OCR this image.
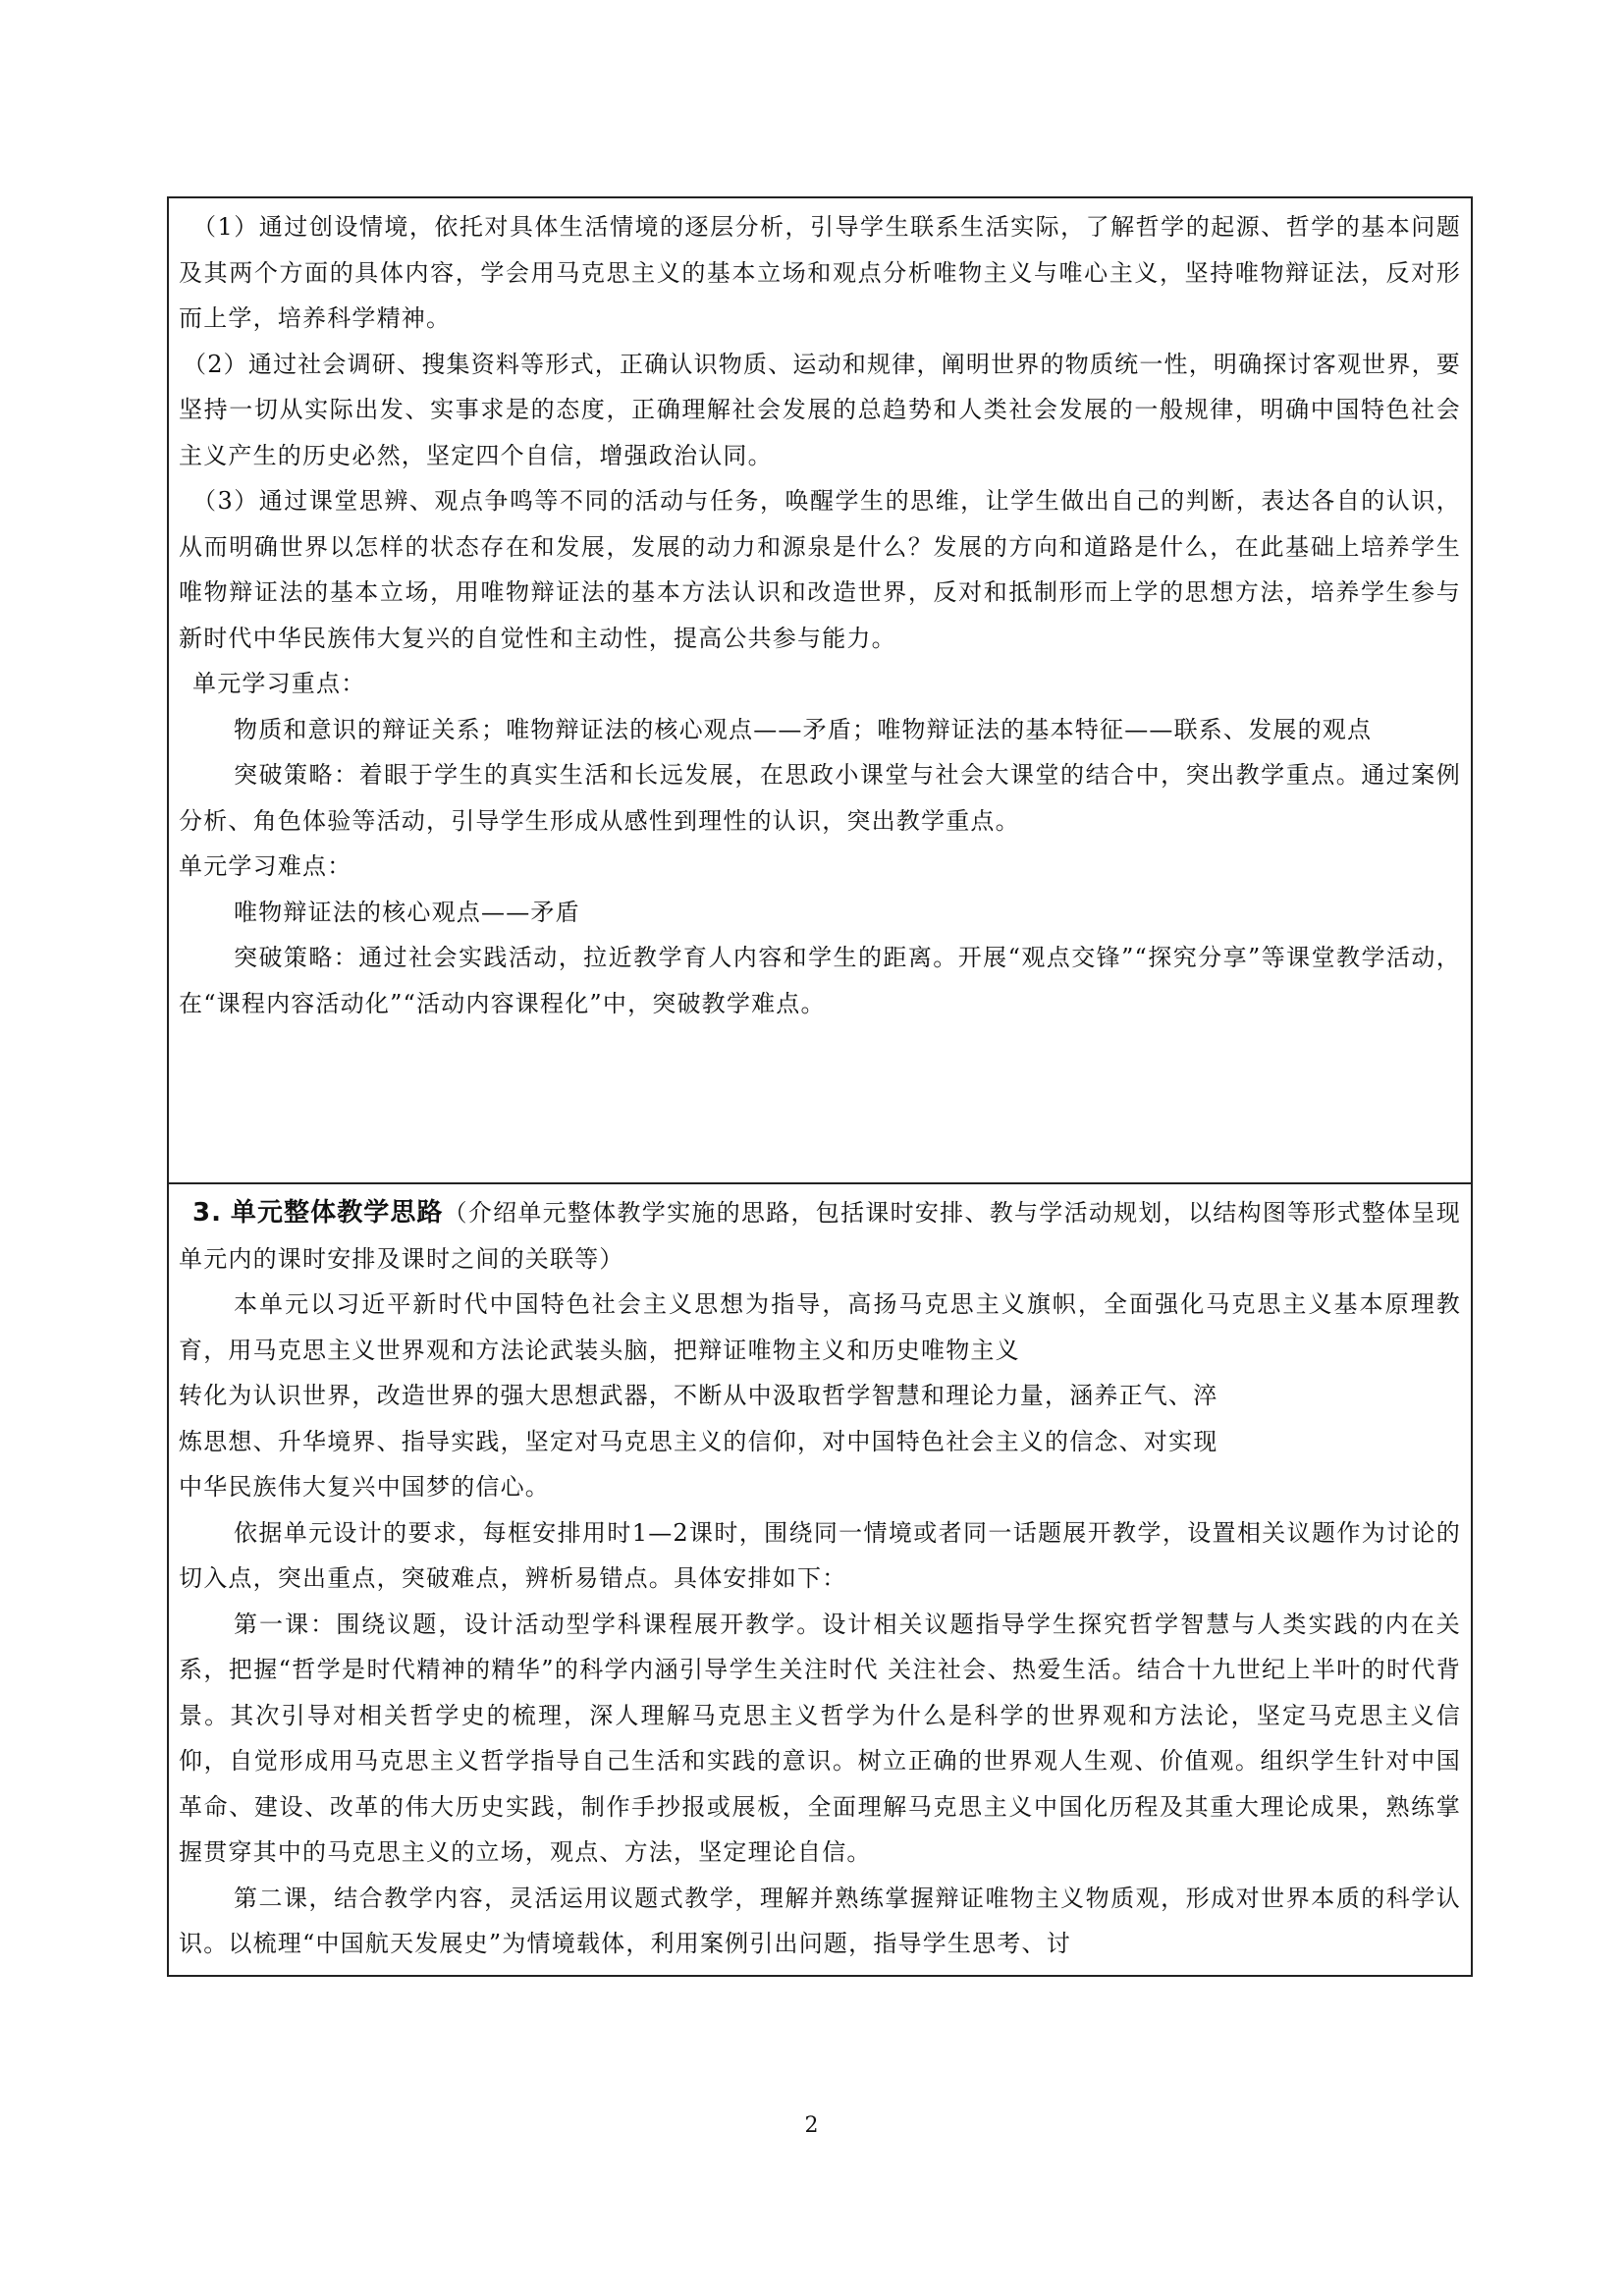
（1）通过创设情境，依托对具体生活情境的逐层分析，引导学生联系生活实际，了解哲学的起源、哲学的基本问题及其两个方面的具体内容，学会用马克思主义的基本立场和观点分析唯物主义与唯心主义，坚持唯物辩证法，反对形而上学，培养科学精神。

（2）通过社会调研、搜集资料等形式，正确认识物质、运动和规律，阐明世界的物质统一性，明确探讨客观世界，要坚持一切从实际出发、实事求是的态度，正确理解社会发展的总趋势和人类社会发展的一般规律，明确中国特色社会主义产生的历史必然，坚定四个自信，增强政治认同。

（3）通过课堂思辨、观点争鸣等不同的活动与任务，唤醒学生的思维，让学生做出自己的判断，表达各自的认识，从而明确世界以怎样的状态存在和发展，发展的动力和源泉是什么？发展的方向和道路是什么，在此基础上培养学生唯物辩证法的基本立场，用唯物辩证法的基本方法认识和改造世界，反对和抵制形而上学的思想方法，培养学生参与新时代中华民族伟大复兴的自觉性和主动性，提高公共参与能力。

单元学习重点：

物质和意识的辩证关系；唯物辩证法的核心观点——矛盾；唯物辩证法的基本特征——联系、发展的观点

突破策略：着眼于学生的真实生活和长远发展，在思政小课堂与社会大课堂的结合中，突出教学重点。通过案例分析、角色体验等活动，引导学生形成从感性到理性的认识，突出教学重点。

单元学习难点：

唯物辩证法的核心观点——矛盾

突破策略：通过社会实践活动，拉近教学育人内容和学生的距离。开展“观点交锋”“探究分享”等课堂教学活动，在“课程内容活动化”“活动内容课程化”中，突破教学难点。

3. 单元整体教学思路（介绍单元整体教学实施的思路，包括课时安排、教与学活动规划，以结构图等形式整体呈现单元内的课时安排及课时之间的关联等）

本单元以习近平新时代中国特色社会主义思想为指导，高扬马克思主义旗帜，全面强化马克思主义基本原理教育，用马克思主义世界观和方法论武装头脑，把辩证唯物主义和历史唯物主义

转化为认识世界，改造世界的强大思想武器，不断从中汲取哲学智慧和理论力量，涵养正气、淬

炼思想、升华境界、指导实践，坚定对马克思主义的信仰，对中国特色社会主义的信念、对实现

中华民族伟大复兴中国梦的信心。

依据单元设计的要求，每框安排用时1—2课时，围绕同一情境或者同一话题展开教学，设置相关议题作为讨论的切入点，突出重点，突破难点，辨析易错点。具体安排如下：

第一课：围绕议题，设计活动型学科课程展开教学。设计相关议题指导学生探究哲学智慧与人类实践的内在关系，把握“哲学是时代精神的精华”的科学内涵引导学生关注时代 关注社会、热爱生活。结合十九世纪上半叶的时代背景。其次引导对相关哲学史的梳理，深人理解马克思主义哲学为什么是科学的世界观和方法论，坚定马克思主义信仰，自觉形成用马克思主义哲学指导自己生活和实践的意识。树立正确的世界观人生观、价值观。组织学生针对中国革命、建设、改革的伟大历史实践，制作手抄报或展板，全面理解马克思主义中国化历程及其重大理论成果，熟练掌握贯穿其中的马克思主义的立场，观点、方法，坚定理论自信。

第二课，结合教学内容，灵活运用议题式教学，理解并熟练掌握辩证唯物主义物质观，形成对世界本质的科学认识。以梳理“中国航天发展史”为情境载体，利用案例引出问题，指导学生思考、讨

2
